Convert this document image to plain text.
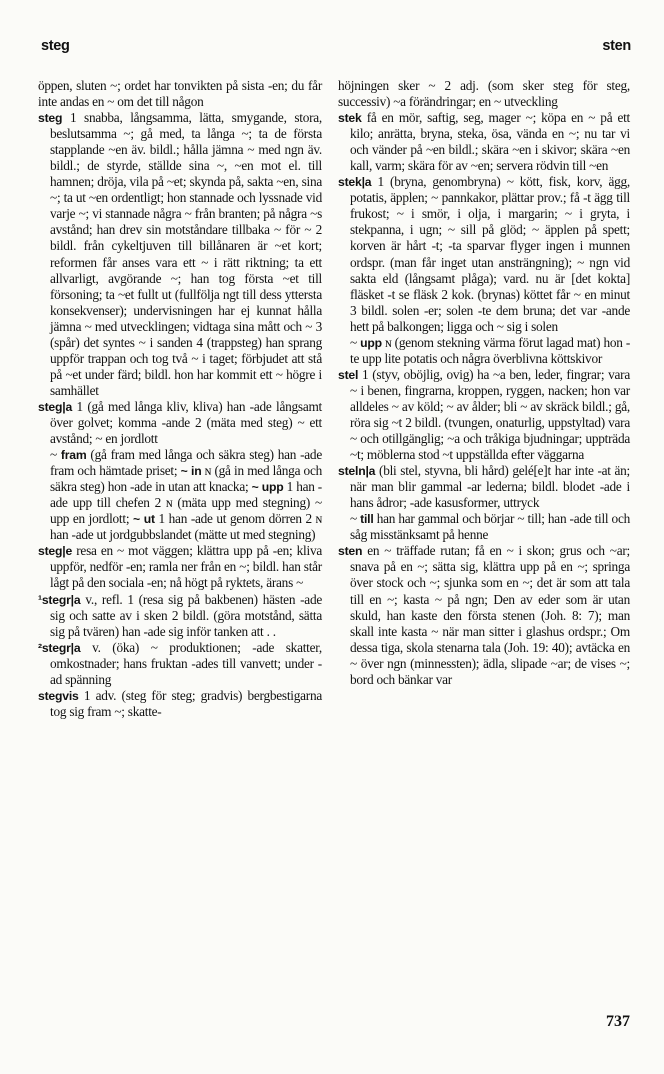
steg	sten
öppen, sluten ~; ordet har tonvikten på sista -en; du får inte andas en ~ om det till någon
steg 1 snabba, långsamma, lätta, smygande, stora, beslutsamma ~; gå med, ta långa ~; ta de första stapplande ~en äv. bildl.; hålla jämna ~ med ngn äv. bildl.; de styrde, ställde sina ~, ~en mot el. till hamnen; dröja, vila på ~et; skynda på, sakta ~en, sina ~; ta ut ~en ordentligt; hon stannade och lyssnade vid varje ~; vi stannade några ~ från branten; på några ~s avstånd; han drev sin motståndare tillbaka ~ för ~ 2 bildl. från cykeltjuven till billånaren är ~et kort; reformen får anses vara ett ~ i rätt riktning; ta ett allvarligt, avgörande ~; han tog första ~et till försoning; ta ~et fullt ut (fullfölja ngt till dess yttersta konsekvenser); undervisningen har ej kunnat hålla jämna ~ med utvecklingen; vidtaga sina mått och ~ 3 (spår) det syntes ~ i sanden 4 (trappsteg) han sprang uppför trappan och tog två ~ i taget; förbjudet att stå på ~et under färd; bildl. hon har kommit ett ~ högre i samhället
steg|a 1 (gå med långa kliv, kliva) han -ade långsamt över golvet; komma -ande 2 (mäta med steg) ~ ett avstånd; ~ en jordlott
~ fram (gå fram med långa och säkra steg) han -ade fram och hämtade priset; ~ in ɴ (gå in med långa och säkra steg) hon -ade in utan att knacka; ~ upp 1 han -ade upp till chefen 2 ɴ (mäta upp med stegning) ~ upp en jordlott; ~ ut 1 han -ade ut genom dörren 2 ɴ han -ade ut jordgubbslandet (mätte ut med stegning)
steg|e resa en ~ mot väggen; klättra upp på -en; kliva uppför, nedför -en; ramla ner från en ~; bildl. han står lågt på den sociala -en; nå högt på ryktets, ärans ~
¹stegr|a v., refl. 1 (resa sig på bakbenen) hästen -ade sig och satte av i sken 2 bildl. (göra motstånd, sätta sig på tvären) han -ade sig inför tanken att . .
²stegr|a v. (öka) ~ produktionen; -ade skatter, omkostnader; hans fruktan -ades till vanvett; under -ad spänning
stegvis 1 adv. (steg för steg; gradvis) bergbestigarna tog sig fram ~; skatte-
höjningen sker ~ 2 adj. (som sker steg för steg, successiv) ~a förändringar; en ~ utveckling
stek få en mör, saftig, seg, mager ~; köpa en ~ på ett kilo; anrätta, bryna, steka, ösa, vända en ~; nu tar vi och vänder på ~en bildl.; skära ~en i skivor; skära ~en kall, varm; skära för av ~en; servera rödvin till ~en
stek|a 1 (bryna, genombryna) ~ kött, fisk, korv, ägg, potatis, äpplen; ~ pannkakor, plättar prov.; få -t ägg till frukost; ~ i smör, i olja, i margarin; ~ i gryta, i stekpanna, i ugn; ~ sill på glöd; ~ äpplen på spett; korven är hårt -t; -ta sparvar flyger ingen i munnen ordspr. (man får inget utan ansträngning); ~ ngn vid sakta eld (långsamt plåga); vard. nu är [det kokta] fläsket -t se fläsk 2 kok. (brynas) köttet får ~ en minut 3 bildl. solen -er; solen -te dem bruna; det var -ande hett på balkongen; ligga och ~ sig i solen
~ upp ɴ (genom stekning värma förut lagad mat) hon -te upp lite potatis och några överblivna köttskivor
stel 1 (styv, oböjlig, ovig) ha ~a ben, leder, fingrar; vara ~ i benen, fingrarna, kroppen, ryggen, nacken; hon var alldeles ~ av köld; ~ av ålder; bli ~ av skräck bildl.; gå, röra sig ~t 2 bildl. (tvungen, onaturlig, uppstyltad) vara ~ och otillgänglig; ~a och tråkiga bjudningar; uppträda ~t; möblerna stod ~t uppställda efter väggarna
steln|a (bli stel, styvna, bli hård) gelé[e]t har inte -at än; när man blir gammal -ar lederna; bildl. blodet -ade i hans ådror; -ade kasusformer, uttryck
~ till han har gammal och börjar ~ till; han -ade till och såg misstänksamt på henne
sten en ~ träffade rutan; få en ~ i skon; grus och ~ar; snava på en ~; sätta sig, klättra upp på en ~; springa över stock och ~; sjunka som en ~; det är som att tala till en ~; kasta ~ på ngn; Den av eder som är utan skuld, han kaste den första stenen (Joh. 8: 7); man skall inte kasta ~ när man sitter i glashus ordspr.; Om dessa tiga, skola stenarna tala (Joh. 19: 40); avtäcka en ~ över ngn (minnessten); ädla, slipade ~ar; de vises ~; bord och bänkar var
737
